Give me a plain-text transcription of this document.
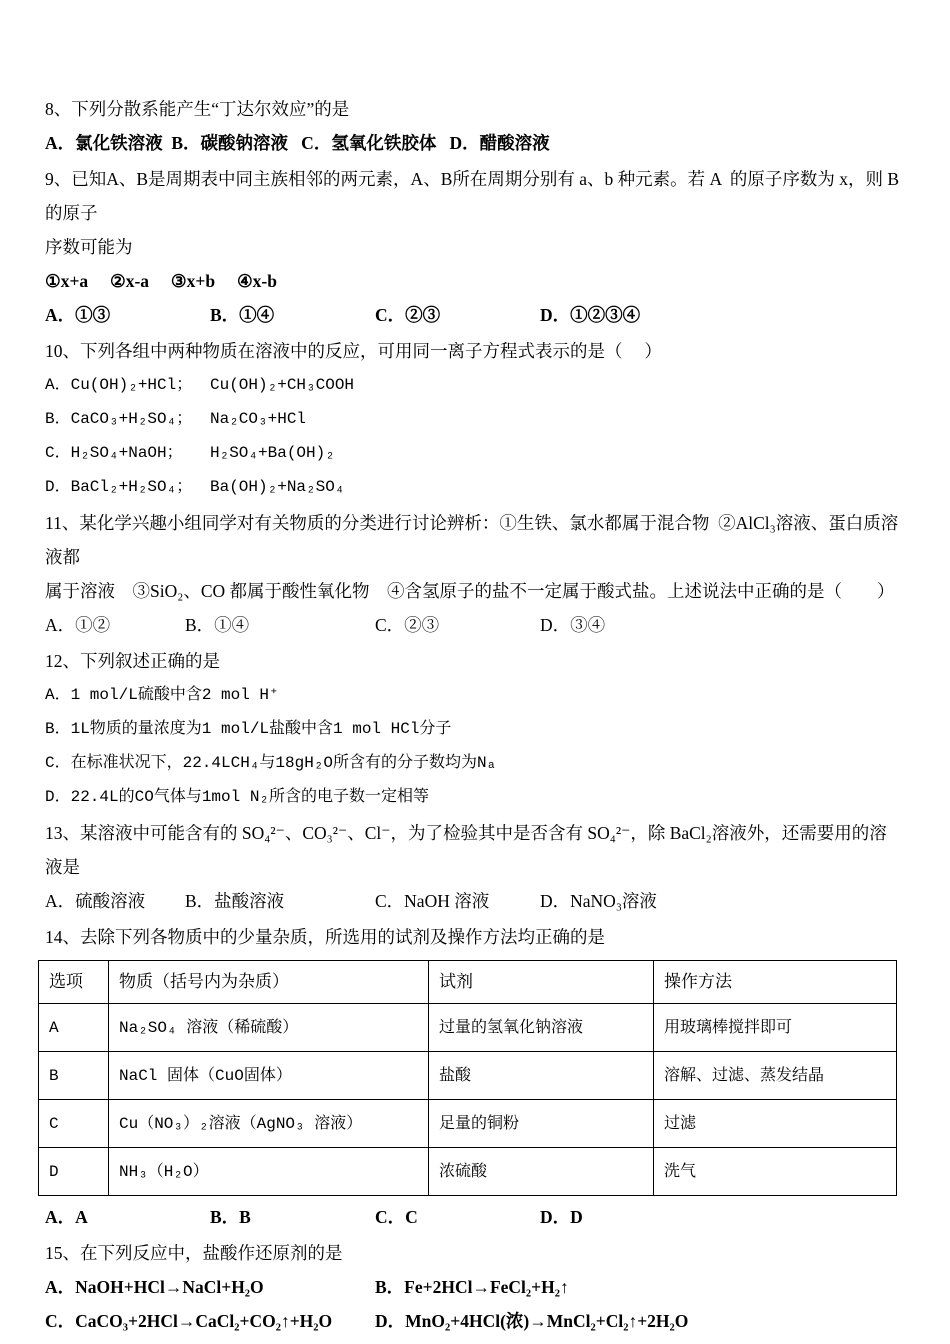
8、下列分散系能产生“丁达尔效应”的是
A．氯化铁溶液  B．碳酸钠溶液   C．氢氧化铁胶体   D．醋酸溶液
9、已知A、B是周期表中同主族相邻的两元素，A、B所在周期分别有 a、b 种元素。若 A  的原子序数为 x，则 B 的原子
序数可能为
①x+a　 ②x-a　 ③x+b　 ④x-b
A．①③	B．①④	C．②③	D．①②③④
10、下列各组中两种物质在溶液中的反应，可用同一离子方程式表示的是（　 ）
A．Cu(OH)₂+HCl；	Cu(OH)₂+CH₃COOH
B．CaCO₃+H₂SO₄；	Na₂CO₃+HCl
C．H₂SO₄+NaOH；	H₂SO₄+Ba(OH)₂
D．BaCl₂+H₂SO₄；	Ba(OH)₂+Na₂SO₄
11、某化学兴趣小组同学对有关物质的分类进行讨论辨析：①生铁、氯水都属于混合物  ②AlCl₃溶液、蛋白质溶液都
属于溶液　③SiO₂、CO 都属于酸性氧化物　④含氢原子的盐不一定属于酸式盐。上述说法中正确的是（　　）
A．①②	B．①④	C．②③	D．③④
12、下列叙述正确的是
A．1 mol/L硫酸中含2 mol H⁺
B．1L物质的量浓度为1 mol/L盐酸中含1 mol HCl分子
C．在标准状况下，22.4LCH₄与18gH₂O所含有的分子数均为Nₐ
D．22.4L的CO气体与1mol N₂所含的电子数一定相等
13、某溶液中可能含有的 SO₄²⁻、CO₃²⁻、Cl⁻，为了检验其中是否含有 SO₄²⁻，除 BaCl₂溶液外，还需要用的溶液是
A．硫酸溶液	B．盐酸溶液	C．NaOH 溶液	D．NaNO₃溶液
14、去除下列各物质中的少量杂质，所选用的试剂及操作方法均正确的是
选项	物质（括号内为杂质）	试剂	操作方法
A	Na₂SO₄ 溶液（稀硫酸）	过量的氢氧化钠溶液	用玻璃棒搅拌即可
B	NaCl 固体（CuO固体）	盐酸	溶解、过滤、蒸发结晶
C	Cu（NO₃）₂溶液（AgNO₃ 溶液）	足量的铜粉	过滤
D	NH₃（H₂O）	浓硫酸	洗气
A．A	B．B	C．C	D．D
15、在下列反应中，盐酸作还原剂的是
A．NaOH+HCl→NaCl+H₂O	B．Fe+2HCl→FeCl₂+H₂↑
C．CaCO₃+2HCl→CaCl₂+CO₂↑+H₂O	D．MnO₂+4HCl(浓)→MnCl₂+Cl₂↑+2H₂O
